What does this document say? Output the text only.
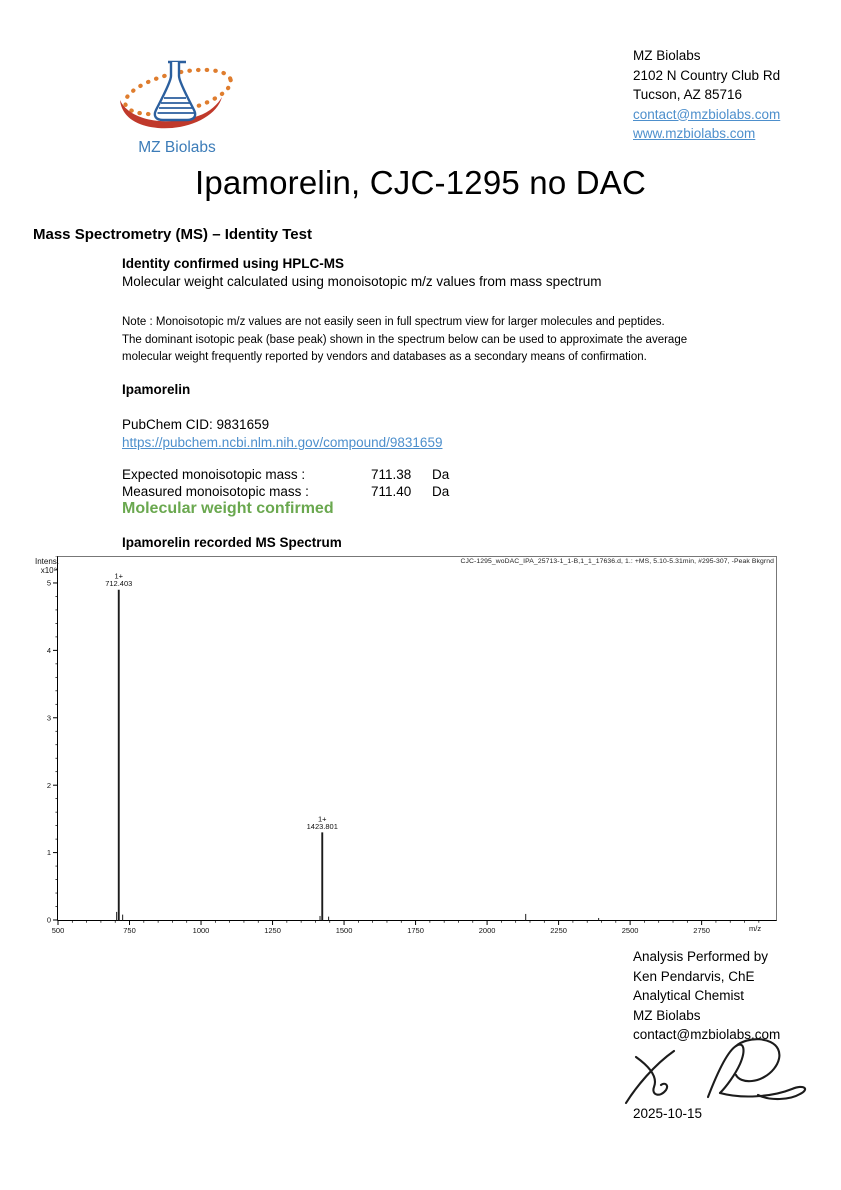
MZ Biolabs
MZ Biolabs
2102 N Country Club Rd
Tucson, AZ 85716
contact@mzbiolabs.com
www.mzbiolabs.com
Ipamorelin, CJC-1295 no DAC
Mass Spectrometry (MS) – Identity Test
Identity confirmed using HPLC-MS
Molecular weight calculated using monoisotopic m/z values from mass spectrum
Note : Monoisotopic m/z values are not easily seen in full spectrum view for larger molecules and peptides.
The dominant isotopic peak (base peak) shown in the spectrum below can be used to approximate the average
molecular weight frequently reported by vendors and databases as a secondary means of confirmation.
Ipamorelin
PubChem CID: 9831659
https://pubchem.ncbi.nlm.nih.gov/compound/9831659
Expected monoisotopic mass :	711.38	Da
Measured monoisotopic mass :	711.40	Da
Molecular weight confirmed
Ipamorelin recorded MS Spectrum
0
1
2
3
4
5
500	750	1000	1250	1500	1750	2000	2250	2500	2750
1+
712.403
1+
1423.801
Intens.
x10⁸
CJC-1295_woDAC_IPA_25713-1_1-B,1_1_17636.d, 1.: +MS, 5.10-5.31min, #295-307, -Peak Bkgrnd
m/z
Analysis Performed by
Ken Pendarvis, ChE
Analytical Chemist
MZ Biolabs
contact@mzbiolabs.com
2025-10-15
